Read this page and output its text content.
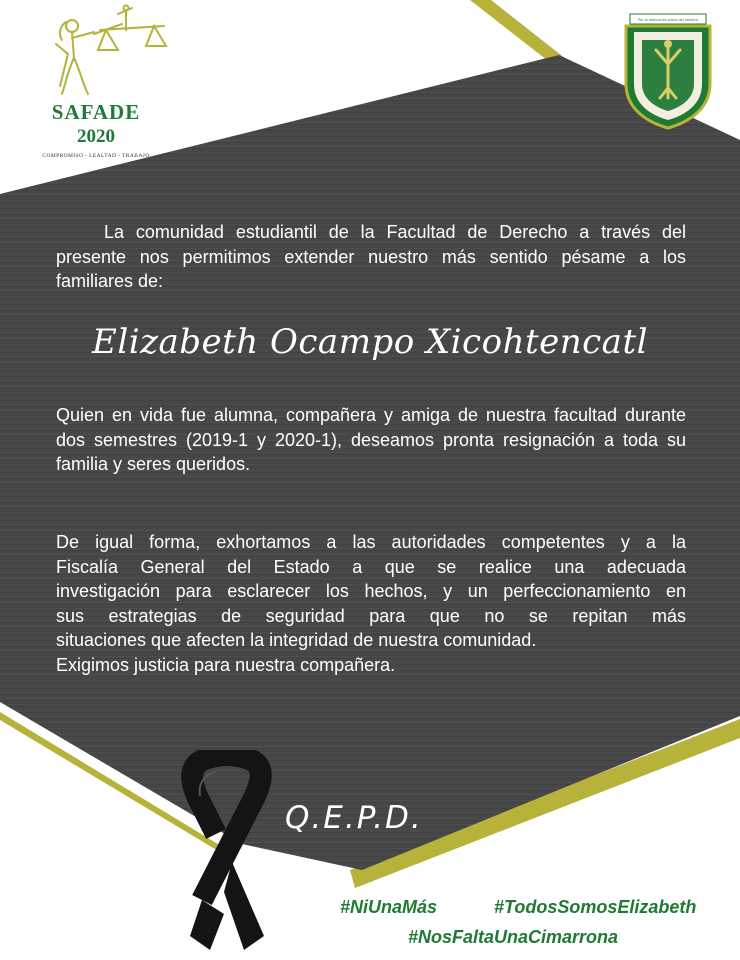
SAFADE
2020
COMPROMISO - LEALTAD - TRABAJO
Por la realización plena del hombre
La comunidad estudiantil de la Facultad de Derecho a través del presente nos permitimos extender nuestro más sentido pésame a los familiares de:
Elizabeth Ocampo Xicohtencatl
Quien en vida fue alumna, compañera y amiga de nuestra facultad durante dos semestres (2019-1 y 2020-1), deseamos pronta resignación a toda su familia y seres queridos.
De igual forma, exhortamos a las autoridades competentes y a la
Fiscalía General del Estado a que se realice una adecuada
investigación para esclarecer los hechos, y un perfeccionamiento en
sus estrategias de seguridad para que no se repitan más
situaciones que afecten la integridad de nuestra comunidad.
Exigimos justicia para nuestra compañera.
Q.E.P.D.
#NiUnaMás	#TodosSomosElizabeth
#NosFaltaUnaCimarrona
